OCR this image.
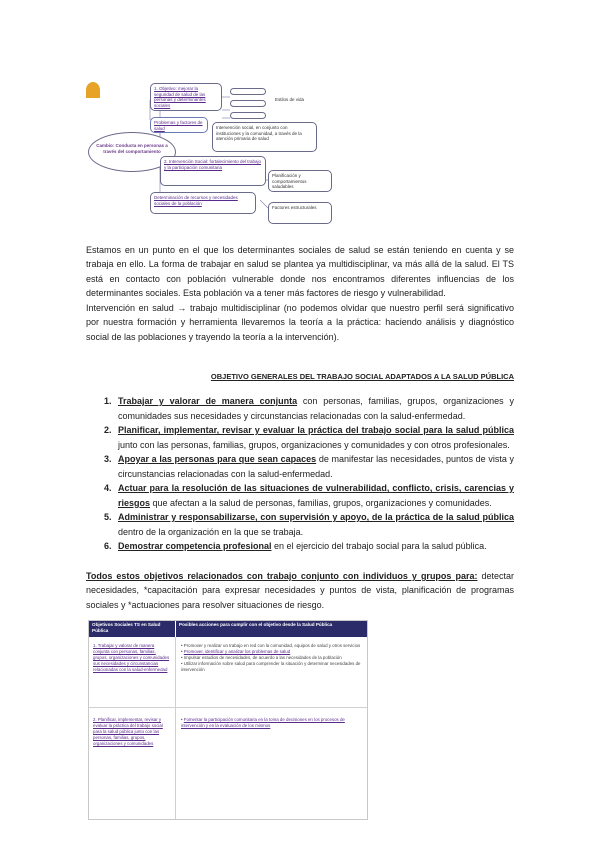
Cambio: Conducta en personas a través del comportamiento
1. Objetivo: mejorar la seguridad de salud de las personas y determinantes sociales
Estilos de vida
Problemas y factores de salud	Intervención social, en conjunto con instituciones y la comunidad, a través de la atención primaria de salud
2. Intervención Social: fortalecimiento del trabajo y la participación comunitaria
Planificación y comportamientos saludables
Determinación de recursos y necesidades sociales de la población
Factores estructurales

Estamos en un punto en el que los determinantes sociales de salud se están teniendo en cuenta y se trabaja en ello. La forma de trabajar en salud se plantea ya multidisciplinar, va más allá de la salud. El TS está en contacto con población vulnerable donde nos encontramos diferentes influencias de los determinantes sociales. Esta población va a tener más factores de riesgo y vulnerabilidad.

Intervención en salud → trabajo multidisciplinar (no podemos olvidar que nuestro perfil será significativo por nuestra formación y herramienta llevaremos la teoría a la práctica: haciendo análisis y diagnóstico social de las poblaciones y trayendo la teoría a la intervención).

OBJETIVO GENERALES DEL TRABAJO SOCIAL ADAPTADOS A LA SALUD PÚBLICA
1. Trabajar y valorar de manera conjunta con personas, familias, grupos, organizaciones y comunidades sus necesidades y circunstancias relacionadas con la salud-enfermedad.
2. Planificar, implementar, revisar y evaluar la práctica del trabajo social para la salud pública junto con las personas, familias, grupos, organizaciones y comunidades y con otros profesionales.
3. Apoyar a las personas para que sean capaces de manifestar las necesidades, puntos de vista y circunstancias relacionadas con la salud-enfermedad.
4. Actuar para la resolución de las situaciones de vulnerabilidad, conflicto, crisis, carencias y riesgos que afectan a la salud de personas, familias, grupos, organizaciones y comunidades.
5. Administrar y responsabilizarse, con supervisión y apoyo, de la práctica de la salud pública dentro de la organización en la que se trabaja.
6. Demostrar competencia profesional en el ejercicio del trabajo social para la salud pública.

Todos estos objetivos relacionados con trabajo conjunto con individuos y grupos para: detectar necesidades, *capacitación para expresar necesidades y puntos de vista, planificación de programas sociales y *actuaciones para resolver situaciones de riesgo.

Objetivos Sociales TS en Salud Pública
Posibles acciones para cumplir con el objetivo desde la Salud Pública
1. Trabajar y valorar de manera conjunta con personas, familias, grupos, organizaciones y comunidades sus necesidades y circunstancias relacionadas con la salud-enfermedad
• Promover y realizar un trabajo en red con la comunidad, equipos de salud y otros servicios
• Promover, identificar y analizar los problemas de salud
• Impulsar estudios de necesidades, de acuerdo a las necesidades de la población
• Utilizar información sobre salud para comprender la situación y determinar necesidades de intervención
2. Planificar, implementar, revisar y evaluar la práctica del trabajo social para la salud pública junto con las personas, familias, grupos, organizaciones y comunidades
• Fomentar la participación comunitaria en la toma de decisiones en los procesos de intervención y en la evaluación de los mismos
